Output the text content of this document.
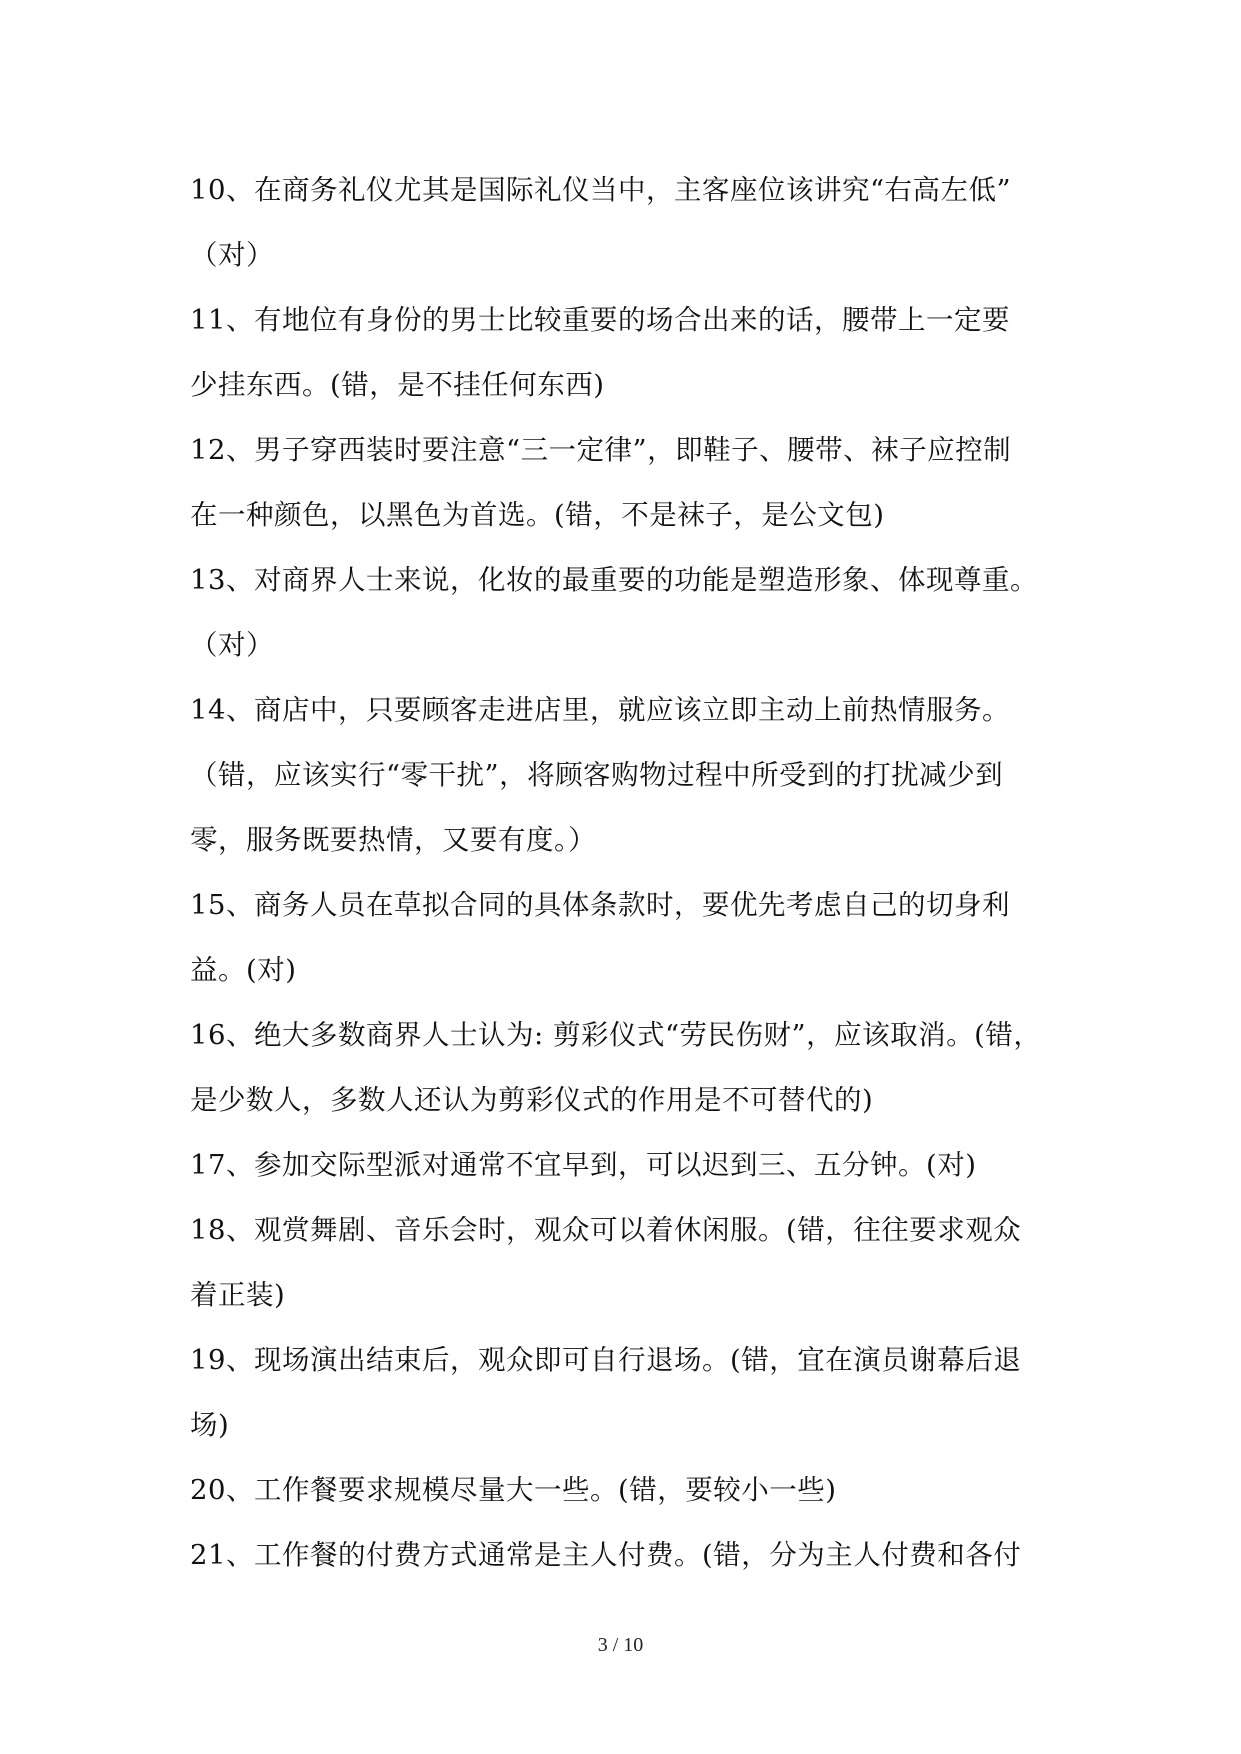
10、在商务礼仪尤其是国际礼仪当中，主客座位该讲究“右高左低”
（对）
11、有地位有身份的男士比较重要的场合出来的话，腰带上一定要
少挂东西。(错，是不挂任何东西)
12、男子穿西装时要注意“三一定律”，即鞋子、腰带、袜子应控制
在一种颜色，以黑色为首选。(错，不是袜子，是公文包)
13、对商界人士来说，化妆的最重要的功能是塑造形象、体现尊重。
（对）
14、商店中，只要顾客走进店里，就应该立即主动上前热情服务。
（错，应该实行“零干扰”，将顾客购物过程中所受到的打扰减少到
零，服务既要热情，又要有度。）
15、商务人员在草拟合同的具体条款时，要优先考虑自己的切身利
益。(对)
16、绝大多数商界人士认为: 剪彩仪式“劳民伤财”，应该取消。(错，
是少数人，多数人还认为剪彩仪式的作用是不可替代的)
17、参加交际型派对通常不宜早到，可以迟到三、五分钟。(对)
18、观赏舞剧、音乐会时，观众可以着休闲服。(错，往往要求观众
着正装)
19、现场演出结束后，观众即可自行退场。(错，宜在演员谢幕后退
场)
20、工作餐要求规模尽量大一些。(错，要较小一些)
21、工作餐的付费方式通常是主人付费。(错，分为主人付费和各付
3 / 10
